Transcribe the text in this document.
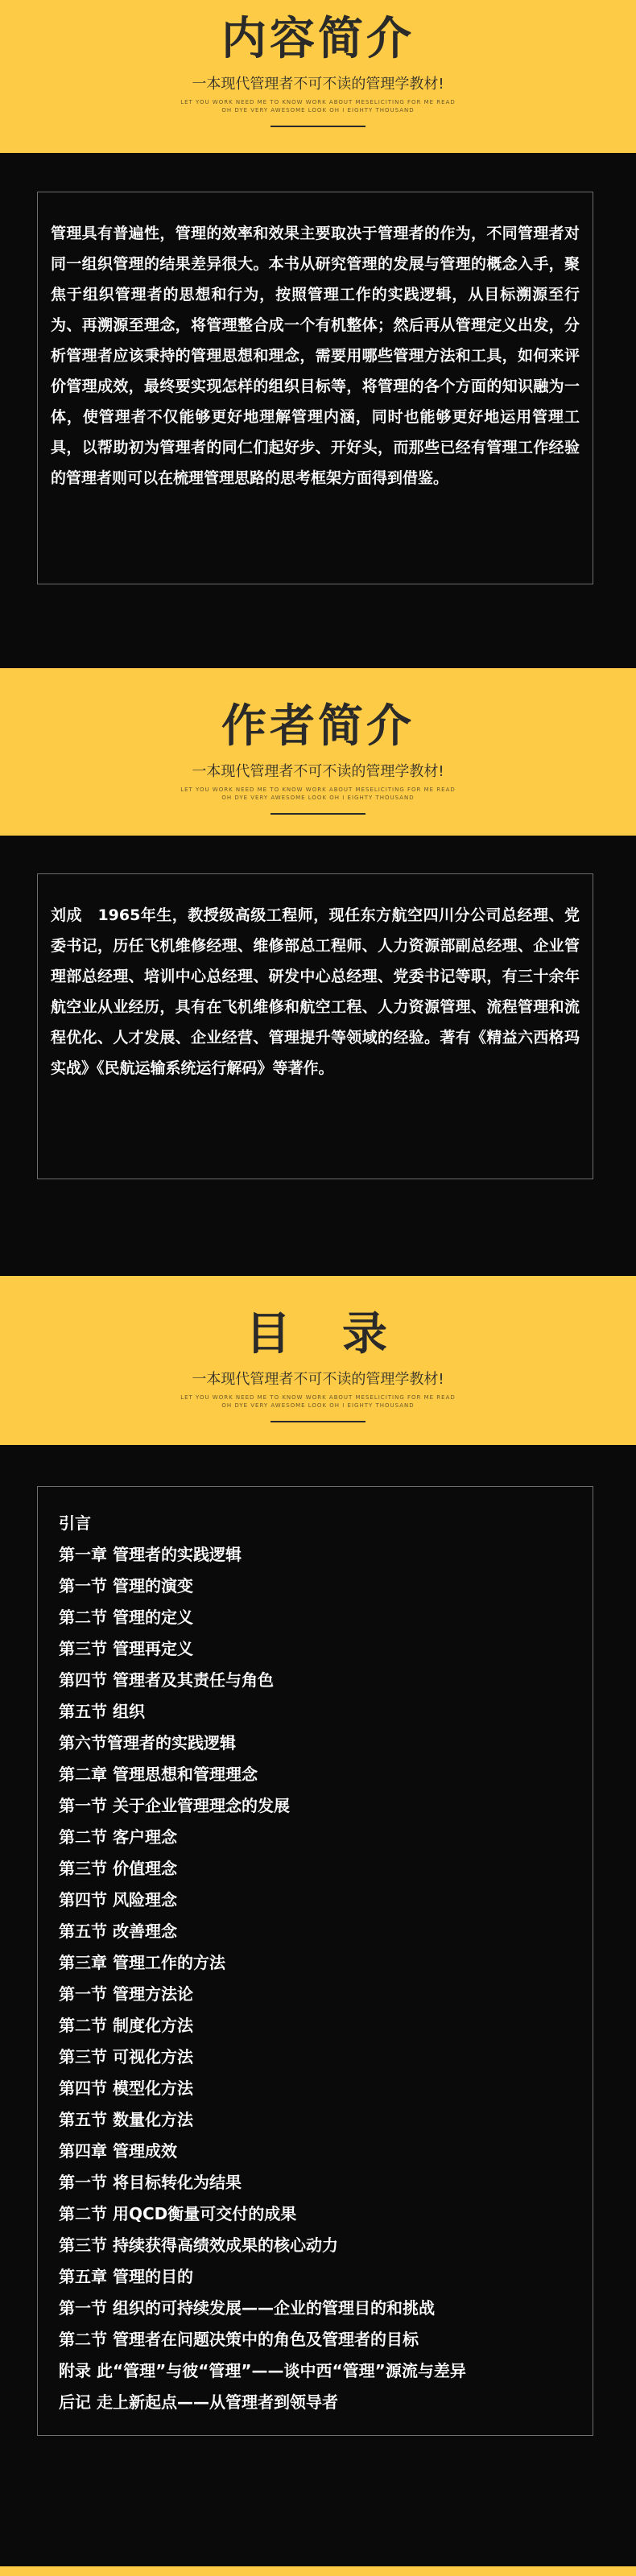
内容简介
一本现代管理者不可不读的管理学教材!
LET YOU WORK NEED ME TO KNOW WORK ABOUT MESELICITING FOR ME READ
OH DYE VERY AWESOME LOOK OH I EIGHTY THOUSAND
管理具有普遍性，管理的效率和效果主要取决于管理者的作为，不同管理者对同一组织管理的结果差异很大。本书从研究管理的发展与管理的概念入手，聚焦于组织管理者的思想和行为，按照管理工作的实践逻辑，从目标溯源至行为、再溯源至理念，将管理整合成一个有机整体；然后再从管理定义出发，分析管理者应该秉持的管理思想和理念，需要用哪些管理方法和工具，如何来评价管理成效，最终要实现怎样的组织目标等，将管理的各个方面的知识融为一体，使管理者不仅能够更好地理解管理内涵，同时也能够更好地运用管理工具，以帮助初为管理者的同仁们起好步、开好头，而那些已经有管理工作经验的管理者则可以在梳理管理思路的思考框架方面得到借鉴。
作者简介
一本现代管理者不可不读的管理学教材!
LET YOU WORK NEED ME TO KNOW WORK ABOUT MESELICITING FOR ME READ
OH DYE VERY AWESOME LOOK OH I EIGHTY THOUSAND
刘成　1965年生，教授级高级工程师，现任东方航空四川分公司总经理、党委书记，历任飞机维修经理、维修部总工程师、人力资源部副总经理、企业管理部总经理、培训中心总经理、研发中心总经理、党委书记等职，有三十余年航空业从业经历，具有在飞机维修和航空工程、人力资源管理、流程管理和流程优化、人才发展、企业经营、管理提升等领域的经验。著有《精益六西格玛实战》《民航运输系统运行解码》等著作。
目　录
一本现代管理者不可不读的管理学教材!
LET YOU WORK NEED ME TO KNOW WORK ABOUT MESELICITING FOR ME READ
OH DYE VERY AWESOME LOOK OH I EIGHTY THOUSAND
引言
第一章 管理者的实践逻辑
第一节 管理的演变
第二节 管理的定义
第三节 管理再定义
第四节 管理者及其责任与角色
第五节 组织
第六节管理者的实践逻辑
第二章 管理思想和管理理念
第一节 关于企业管理理念的发展
第二节 客户理念
第三节 价值理念
第四节 风险理念
第五节 改善理念
第三章 管理工作的方法
第一节 管理方法论
第二节 制度化方法
第三节 可视化方法
第四节 模型化方法
第五节 数量化方法
第四章 管理成效
第一节 将目标转化为结果
第二节 用QCD衡量可交付的成果
第三节 持续获得高绩效成果的核心动力
第五章 管理的目的
第一节 组织的可持续发展——企业的管理目的和挑战
第二节 管理者在问题决策中的角色及管理者的目标
附录 此“管理”与彼“管理”——谈中西“管理”源流与差异
后记 走上新起点——从管理者到领导者
